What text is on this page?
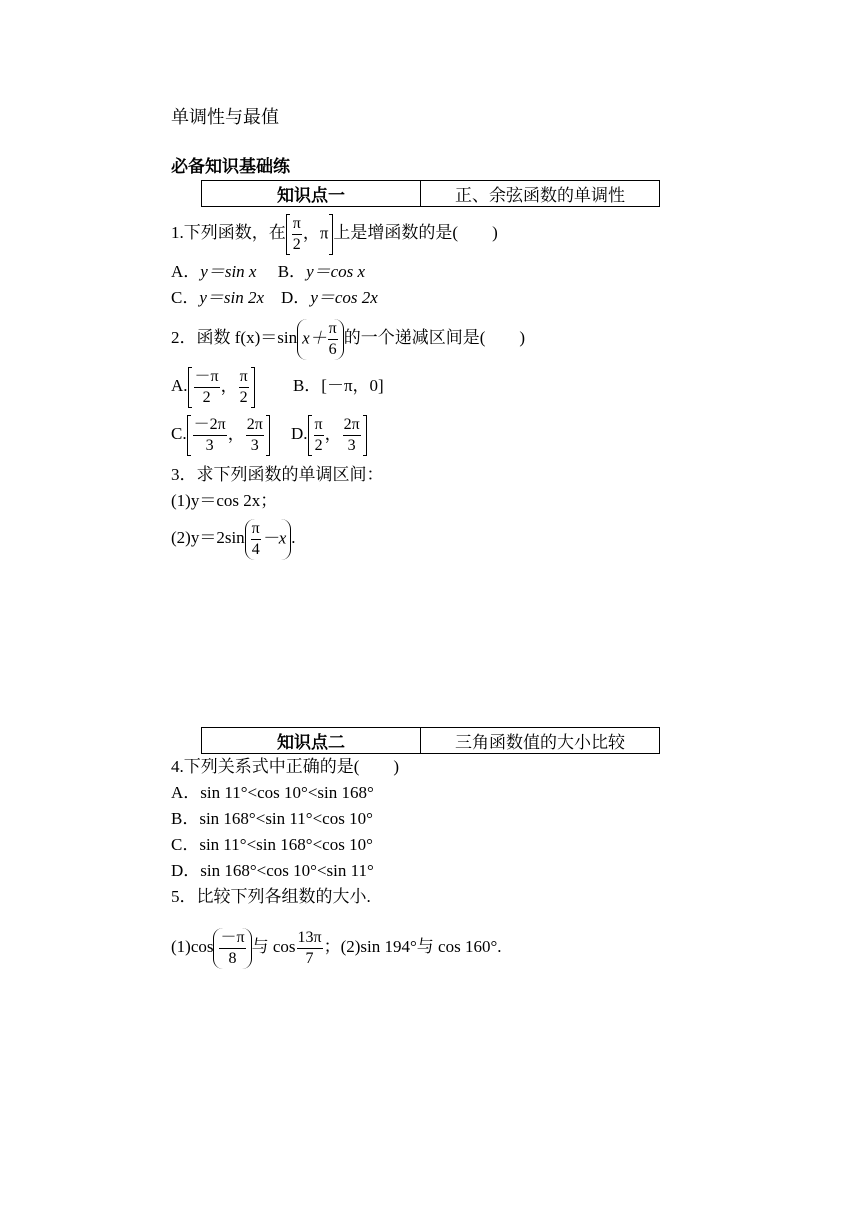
单调性与最值
必备知识基础练
知识点一	正、余弦函数的单调性
1.下列函数，在 $\frac{\pi}{2}$ ，π 上是增函数的是(　　)
A．y＝sin x　 B．y＝cos x
C．y＝sin 2x　 D．y＝cos 2x
2．函数 f(x)＝sin $x+ \frac{\pi}{6}$ 的一个递减区间是(　　)
A. $\frac{-\pi}{2}$ ， $\frac{\pi}{2}$
　　	B．[－π，0]
C. $\frac{-2\pi}{3}$ ， $\frac{2\pi}{3}$
　 D. $\frac{\pi}{2}$ ， $\frac{2\pi}{3}$
3．求下列函数的单调区间：
(1)y＝cos 2x；
$(2)y=2\sin \frac{\pi}{4} -x$ .
知识点二	三角函数值的大小比较
4.下列关系式中正确的是(　　)
A．sin 11°<cos 10°<sin 168°
B．sin 168°<sin 11°<cos 10°
C．sin 11°<sin 168°<cos 10°
D．sin 168°<cos 10°<sin 11°
5．比较下列各组数的大小.
$(1)\cos \frac{-\pi}{8}$ 与 $\cos \frac{13\pi}{7}$ ；(2)sin 194°与 cos 160°.
